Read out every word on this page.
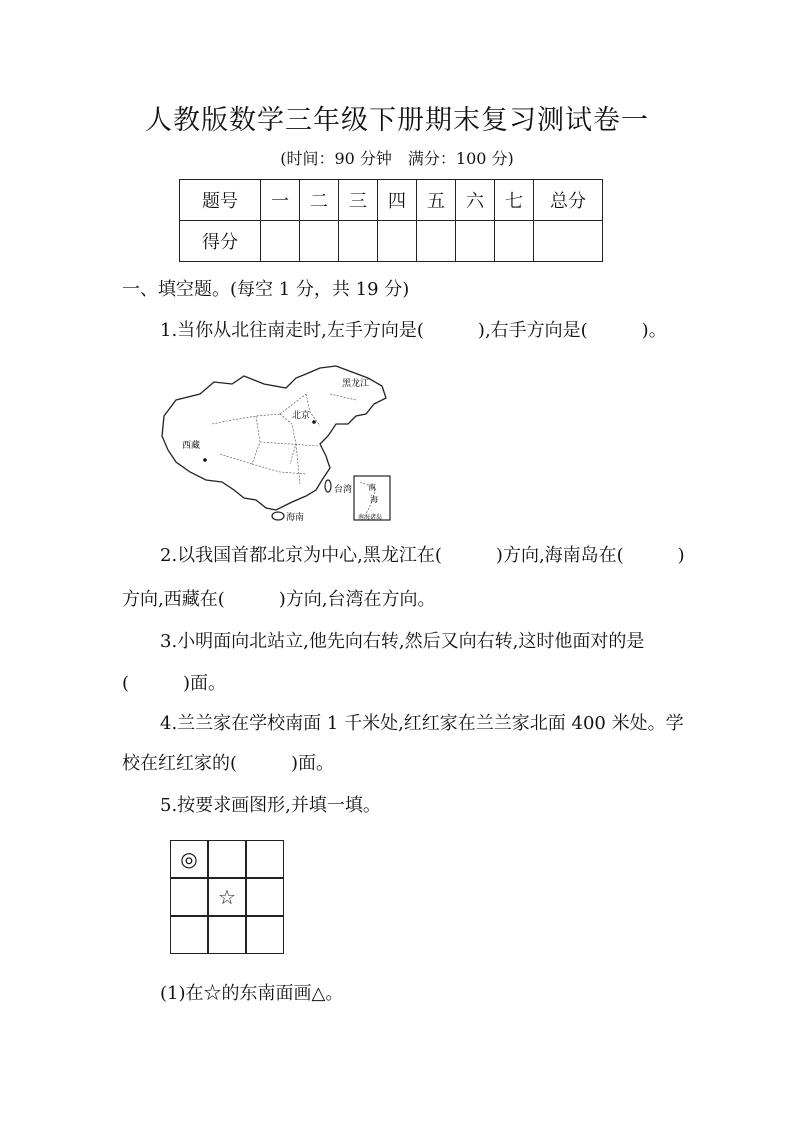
人教版数学三年级下册期末复习测试卷一
(时间：90 分钟　满分：100 分)
题号	一	二	三	四	五	六	七	总分
得分								
一、填空题。(每空 1 分，共 19 分)
1.当你从北往南走时,左手方向是(　　　),右手方向是(　　　)。
黑龙江
北京
西藏
台湾
海南
南
海
南海诸岛
2.以我国首都北京为中心,黑龙江在(　　　)方向,海南岛在(　　　)
方向,西藏在(　　　)方向,台湾在方向。
3.小明面向北站立,他先向右转,然后又向右转,这时他面对的是
(　　　)面。
4.兰兰家在学校南面 1 千米处,红红家在兰兰家北面 400 米处。学
校在红红家的(　　　)面。
5.按要求画图形,并填一填。
◎
☆
(1)在☆的东南面画△。
